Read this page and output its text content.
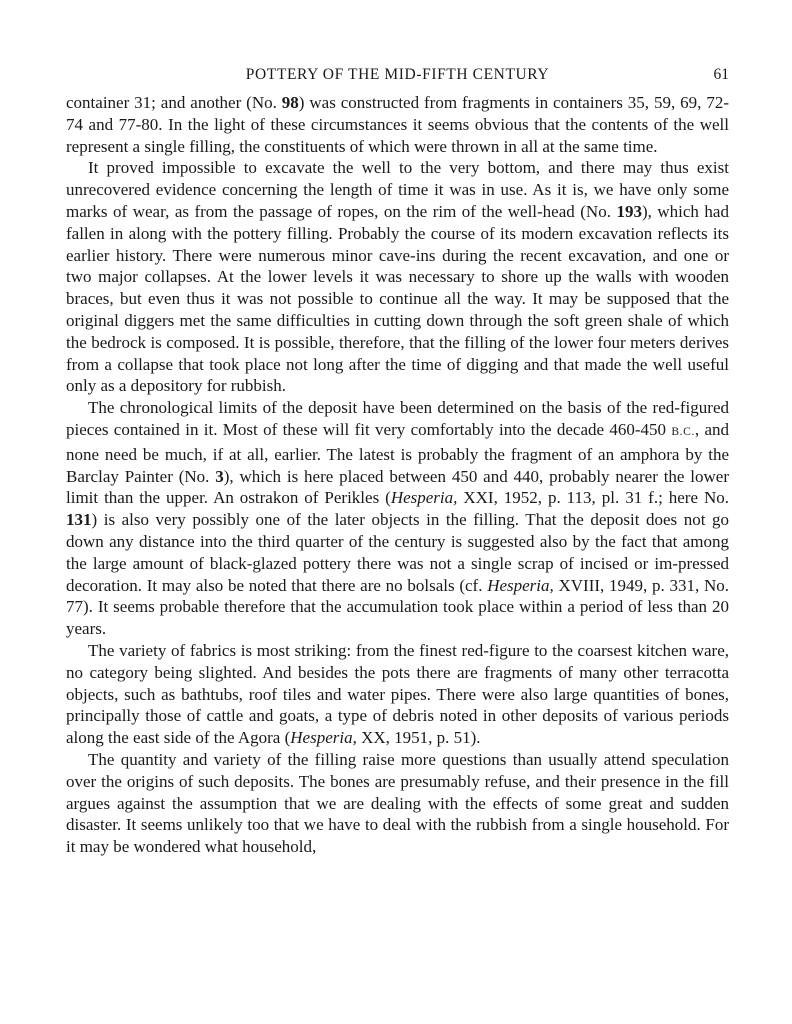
POTTERY OF THE MID-FIFTH CENTURY	61

container 31; and another (No. 98) was constructed from fragments in containers 35, 59, 69, 72-74 and 77-80. In the light of these circumstances it seems obvious that the contents of the well represent a single filling, the constituents of which were thrown in all at the same time.

It proved impossible to excavate the well to the very bottom, and there may thus exist unrecovered evidence concerning the length of time it was in use. As it is, we have only some marks of wear, as from the passage of ropes, on the rim of the well-head (No. 193), which had fallen in along with the pottery filling. Probably the course of its modern excavation reflects its earlier history. There were numerous minor cave-ins during the recent excavation, and one or two major collapses. At the lower levels it was necessary to shore up the walls with wooden braces, but even thus it was not possible to continue all the way. It may be supposed that the original diggers met the same difficulties in cutting down through the soft green shale of which the bedrock is composed. It is possible, therefore, that the filling of the lower four meters derives from a collapse that took place not long after the time of digging and that made the well useful only as a depository for rubbish.

The chronological limits of the deposit have been determined on the basis of the red-figured pieces contained in it. Most of these will fit very comfortably into the decade 460-450 B.C., and none need be much, if at all, earlier. The latest is probably the fragment of an amphora by the Barclay Painter (No. 3), which is here placed between 450 and 440, probably nearer the lower limit than the upper. An ostrakon of Perikles (Hesperia, XXI, 1952, p. 113, pl. 31 f.; here No. 131) is also very possibly one of the later objects in the filling. That the deposit does not go down any distance into the third quarter of the century is suggested also by the fact that among the large amount of black-glazed pottery there was not a single scrap of incised or im-pressed decoration. It may also be noted that there are no bolsals (cf. Hesperia, XVIII, 1949, p. 331, No. 77). It seems probable therefore that the accumulation took place within a period of less than 20 years.

The variety of fabrics is most striking: from the finest red-figure to the coarsest kitchen ware, no category being slighted. And besides the pots there are fragments of many other terracotta objects, such as bathtubs, roof tiles and water pipes. There were also large quantities of bones, principally those of cattle and goats, a type of debris noted in other deposits of various periods along the east side of the Agora (Hesperia, XX, 1951, p. 51).

The quantity and variety of the filling raise more questions than usually attend speculation over the origins of such deposits. The bones are presumably refuse, and their presence in the fill argues against the assumption that we are dealing with the effects of some great and sudden disaster. It seems unlikely too that we have to deal with the rubbish from a single household. For it may be wondered what household,
